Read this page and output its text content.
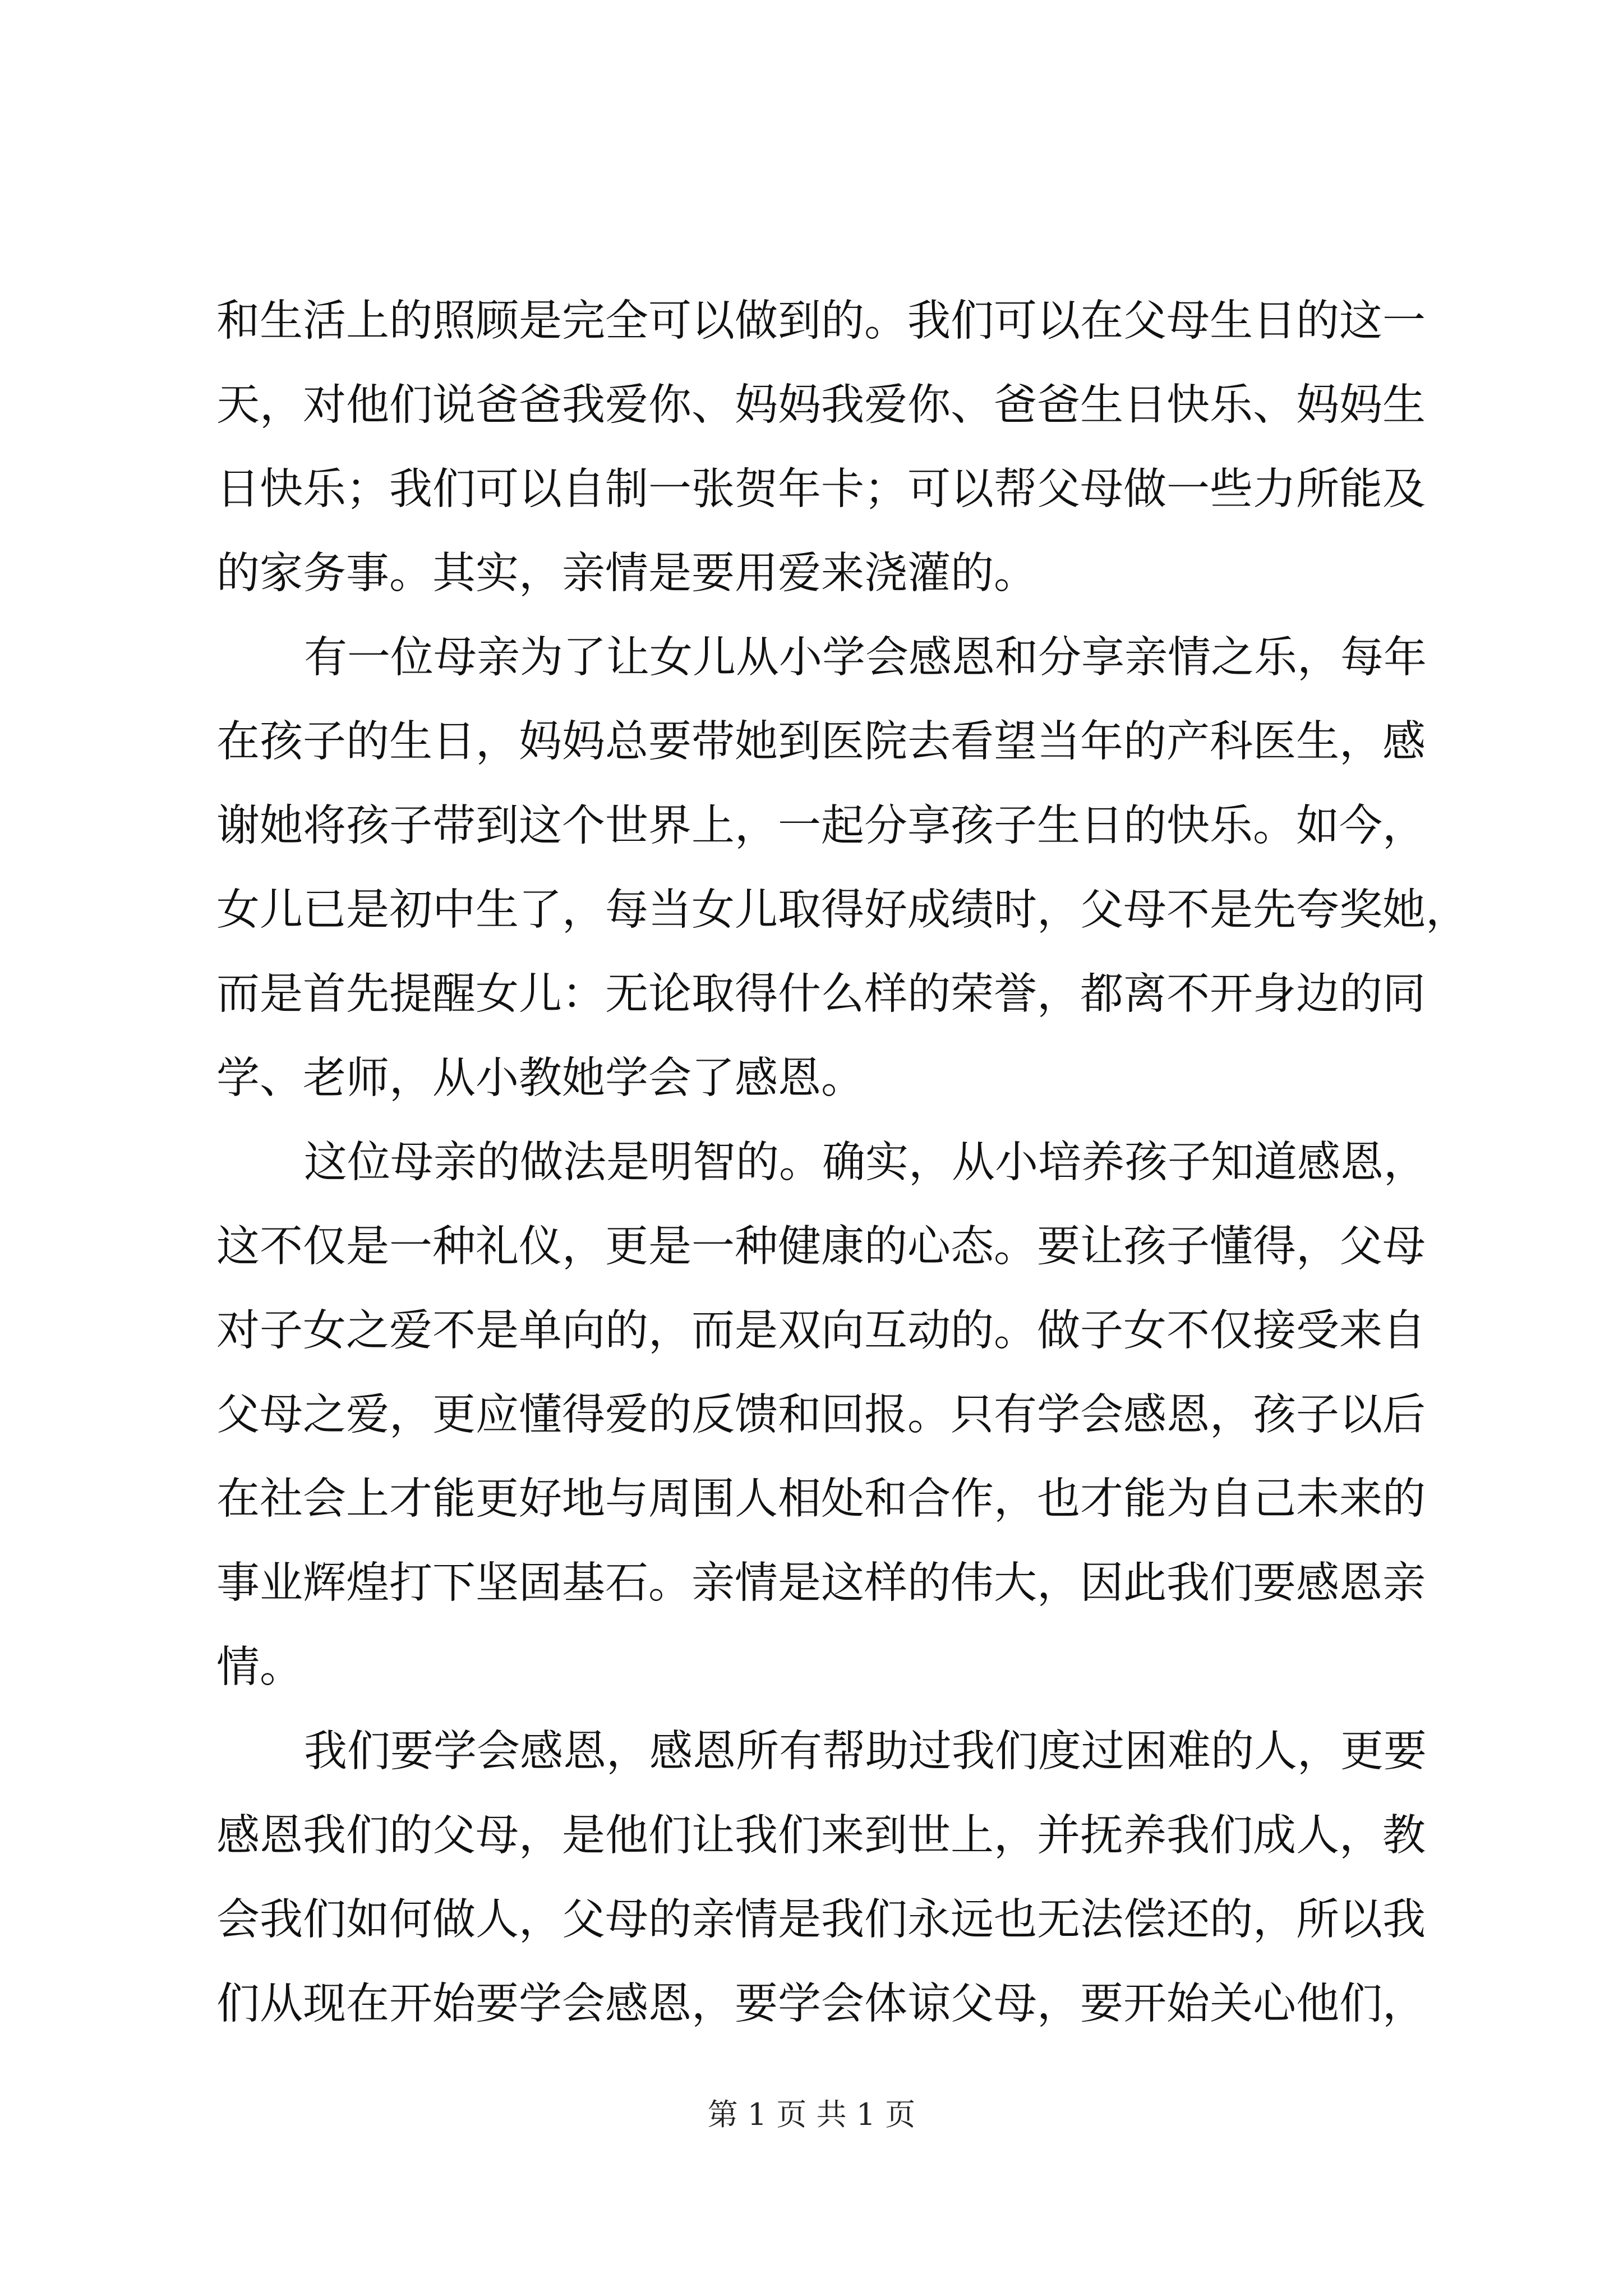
和生活上的照顾是完全可以做到的。我们可以在父母生日的这一
天，对他们说爸爸我爱你、妈妈我爱你、爸爸生日快乐、妈妈生
日快乐；我们可以自制一张贺年卡；可以帮父母做一些力所能及
的家务事。其实，亲情是要用爱来浇灌的。
有一位母亲为了让女儿从小学会感恩和分享亲情之乐，每年
在孩子的生日，妈妈总要带她到医院去看望当年的产科医生，感
谢她将孩子带到这个世界上，一起分享孩子生日的快乐。如今，
女儿已是初中生了，每当女儿取得好成绩时，父母不是先夸奖她，
而是首先提醒女儿：无论取得什么样的荣誉，都离不开身边的同
学、老师，从小教她学会了感恩。
这位母亲的做法是明智的。确实，从小培养孩子知道感恩，
这不仅是一种礼仪，更是一种健康的心态。要让孩子懂得，父母
对子女之爱不是单向的，而是双向互动的。做子女不仅接受来自
父母之爱，更应懂得爱的反馈和回报。只有学会感恩，孩子以后
在社会上才能更好地与周围人相处和合作，也才能为自己未来的
事业辉煌打下坚固基石。亲情是这样的伟大，因此我们要感恩亲
情。
我们要学会感恩，感恩所有帮助过我们度过困难的人，更要
感恩我们的父母，是他们让我们来到世上，并抚养我们成人，教
会我们如何做人，父母的亲情是我们永远也无法偿还的，所以我
们从现在开始要学会感恩，要学会体谅父母，要开始关心他们，
第 1 页 共 1 页
